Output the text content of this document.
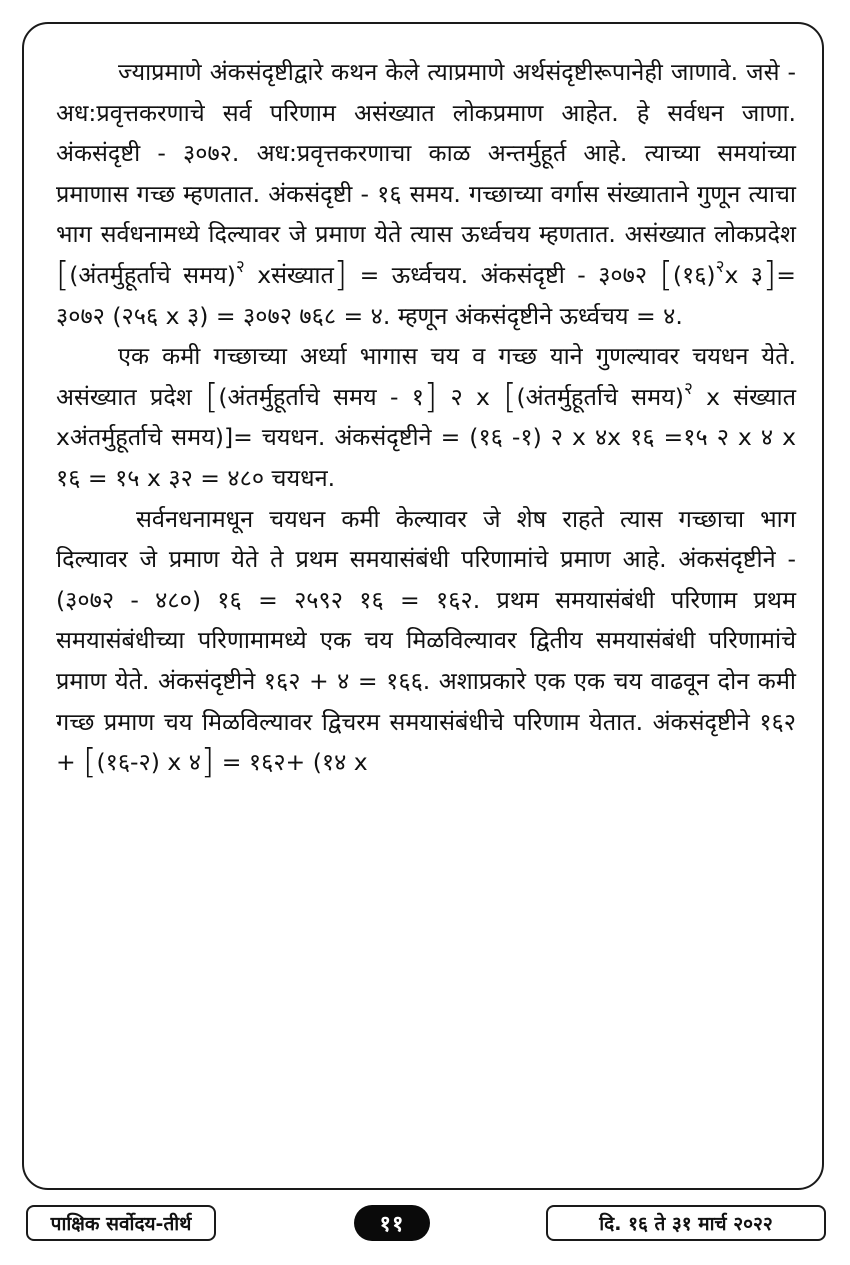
ज्याप्रमाणे अंकसंदृष्टीद्वारे कथन केले त्याप्रमाणे अर्थसंदृष्टीरूपानेही जाणावे. जसे - अध:प्रवृत्तकरणाचे सर्व परिणाम असंख्यात लोकप्रमाण आहेत. हे सर्वधन जाणा. अंकसंदृष्टी - ३०७२. अध:प्रवृत्तकरणाचा काळ अन्तर्मुहूर्त आहे. त्याच्या समयांच्या प्रमाणास गच्छ म्हणतात. अंकसंदृष्टी - १६ समय. गच्छाच्या वर्गास संख्याताने गुणून त्याचा भाग सर्वधनामध्ये दिल्यावर जे प्रमाण येते त्यास ऊर्ध्वचय म्हणतात. असंख्यात लोकप्रदेश [(अंतर्मुहूर्ताचे समय)$^२$ xसंख्यात] = ऊर्ध्वचय. अंकसंदृष्टी - ३०७२ [(१६)$^२$x ३]= ३०७२ (२५६ x ३) = ३०७२ ७६८ = ४. म्हणून अंकसंदृष्टीने ऊर्ध्वचय = ४.

एक कमी गच्छाच्या अर्ध्या भागास चय व गच्छ याने गुणल्यावर चयधन येते. असंख्यात प्रदेश [(अंतर्मुहूर्ताचे समय - १] २ x [(अंतर्मुहूर्ताचे समय)$^२$ x संख्यात xअंतर्मुहूर्ताचे समय)]= चयधन. अंकसंदृष्टीने = (१६ -१) २ x ४x १६ =१५ २ x ४ x १६ = १५ x ३२ = ४८० चयधन.

सर्वनधनामधून चयधन कमी केल्यावर जे शेष राहते त्यास गच्छाचा भाग दिल्यावर जे प्रमाण येते ते प्रथम समयासंबंधी परिणामांचे प्रमाण आहे. अंकसंदृष्टीने - (३०७२ - ४८०) १६ = २५९२ १६ = १६२. प्रथम समयासंबंधी परिणाम प्रथम समयासंबंधीच्या परिणामामध्ये एक चय मिळविल्यावर द्वितीय समयासंबंधी परिणामांचे प्रमाण येते. अंकसंदृष्टीने १६२ + ४ = १६६. अशाप्रकारे एक एक चय वाढवून दोन कमी गच्छ प्रमाण चय मिळविल्यावर द्विचरम समयासंबंधीचे परिणाम येतात. अंकसंदृष्टीने १६२ + [(१६-२) x ४] = १६२+ (१४ x

पाक्षिक सर्वोदय-तीर्थ	११	दि. १६ ते ३१ मार्च २०२२
